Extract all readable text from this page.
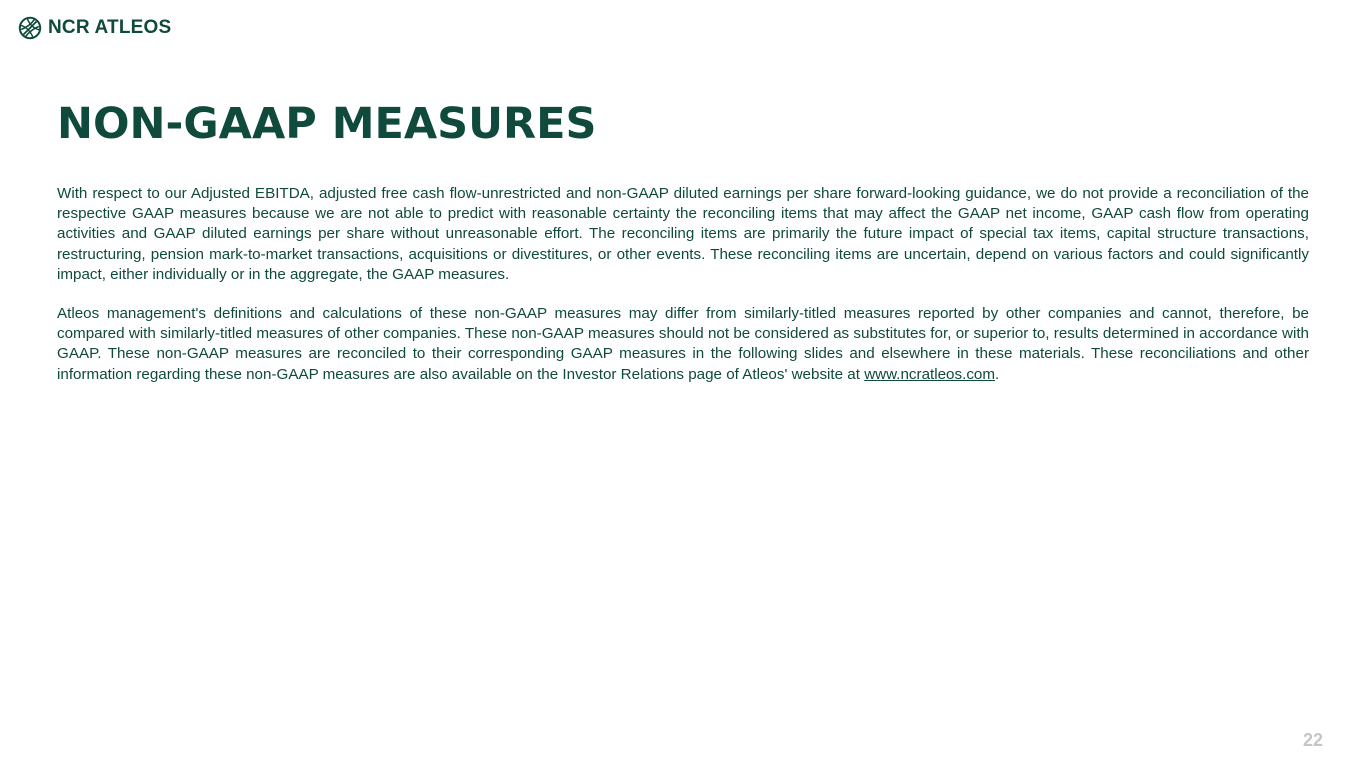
NCR ATLEOS
NON-GAAP MEASURES

With respect to our Adjusted EBITDA, adjusted free cash flow-unrestricted and non-GAAP diluted earnings per share forward-looking guidance, we do not provide a reconciliation of the respective GAAP measures because we are not able to predict with reasonable certainty the reconciling items that may affect the GAAP net income, GAAP cash flow from operating activities and GAAP diluted earnings per share without unreasonable effort. The reconciling items are primarily the future impact of special tax items, capital structure transactions, restructuring, pension mark-to-market transactions, acquisitions or divestitures, or other events. These reconciling items are uncertain, depend on various factors and could significantly impact, either individually or in the aggregate, the GAAP measures.

Atleos management's definitions and calculations of these non-GAAP measures may differ from similarly-titled measures reported by other companies and cannot, therefore, be compared with similarly-titled measures of other companies. These non-GAAP measures should not be considered as substitutes for, or superior to, results determined in accordance with GAAP. These non-GAAP measures are reconciled to their corresponding GAAP measures in the following slides and elsewhere in these materials. These reconciliations and other information regarding these non-GAAP measures are also available on the Investor Relations page of Atleos' website at www.ncratleos.com.

22
